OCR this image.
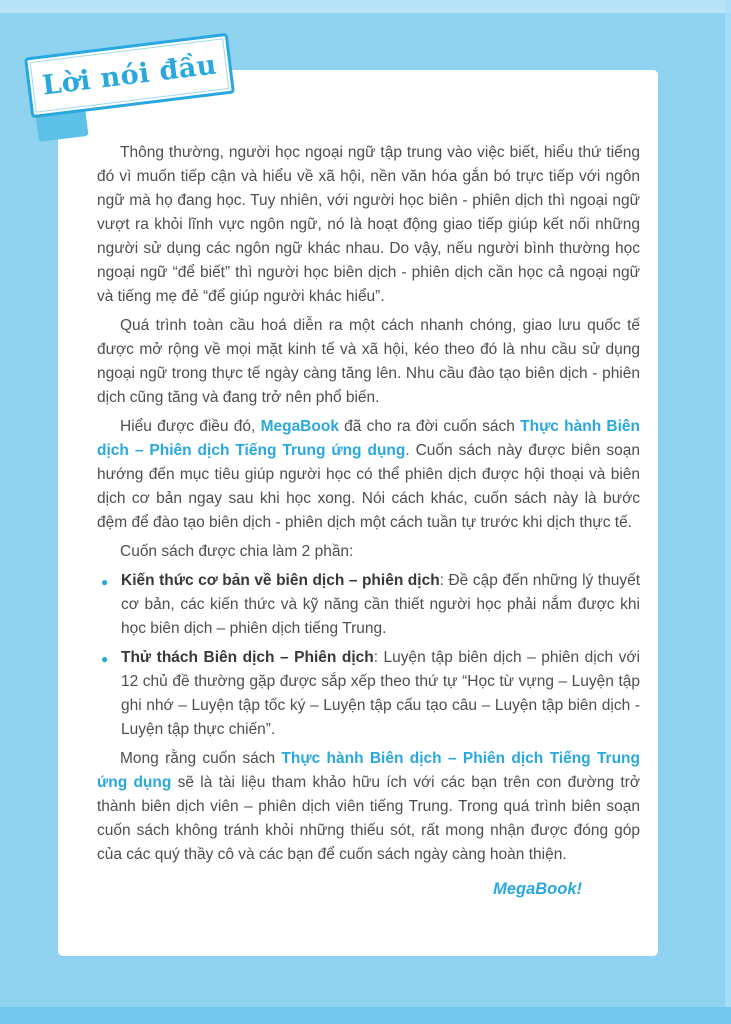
Lời nói đầu

Thông thường, người học ngoại ngữ tập trung vào việc biết, hiểu thứ tiếng đó vì muốn tiếp cận và hiểu về xã hội, nền văn hóa gắn bó trực tiếp với ngôn ngữ mà họ đang học. Tuy nhiên, với người học biên - phiên dịch thì ngoại ngữ vượt ra khỏi lĩnh vực ngôn ngữ, nó là hoạt động giao tiếp giúp kết nối những người sử dụng các ngôn ngữ khác nhau. Do vậy, nếu người bình thường học ngoại ngữ “để biết” thì người học biên dịch - phiên dịch cần học cả ngoại ngữ và tiếng mẹ đẻ “để giúp người khác hiểu”.

Quá trình toàn cầu hoá diễn ra một cách nhanh chóng, giao lưu quốc tế được mở rộng về mọi mặt kinh tế và xã hội, kéo theo đó là nhu cầu sử dụng ngoại ngữ trong thực tế ngày càng tăng lên. Nhu cầu đào tạo biên dịch - phiên dịch cũng tăng và đang trở nên phổ biến.

Hiểu được điều đó, MegaBook đã cho ra đời cuốn sách Thực hành Biên dịch – Phiên dịch Tiếng Trung ứng dụng. Cuốn sách này được biên soạn hướng đến mục tiêu giúp người học có thể phiên dịch được hội thoại và biên dịch cơ bản ngay sau khi học xong. Nói cách khác, cuốn sách này là bước đệm để đào tạo biên dịch - phiên dịch một cách tuần tự trước khi dịch thực tế.

Cuốn sách được chia làm 2 phần:

● Kiến thức cơ bản về biên dịch – phiên dịch: Đề cập đến những lý thuyết cơ bản, các kiến thức và kỹ năng cần thiết người học phải nắm được khi học biên dịch – phiên dịch tiếng Trung.
● Thử thách Biên dịch – Phiên dịch: Luyện tập biên dịch – phiên dịch với 12 chủ đề thường gặp được sắp xếp theo thứ tự “Học từ vựng – Luyện tập ghi nhớ – Luyện tập tốc ký – Luyện tập cấu tạo câu – Luyện tập biên dịch - Luyện tập thực chiến”.

Mong rằng cuốn sách Thực hành Biên dịch – Phiên dịch Tiếng Trung ứng dụng sẽ là tài liệu tham khảo hữu ích với các bạn trên con đường trở thành biên dịch viên – phiên dịch viên tiếng Trung. Trong quá trình biên soạn cuốn sách không tránh khỏi những thiếu sót, rất mong nhận được đóng góp của các quý thầy cô và các bạn để cuốn sách ngày càng hoàn thiện.

MegaBook!
